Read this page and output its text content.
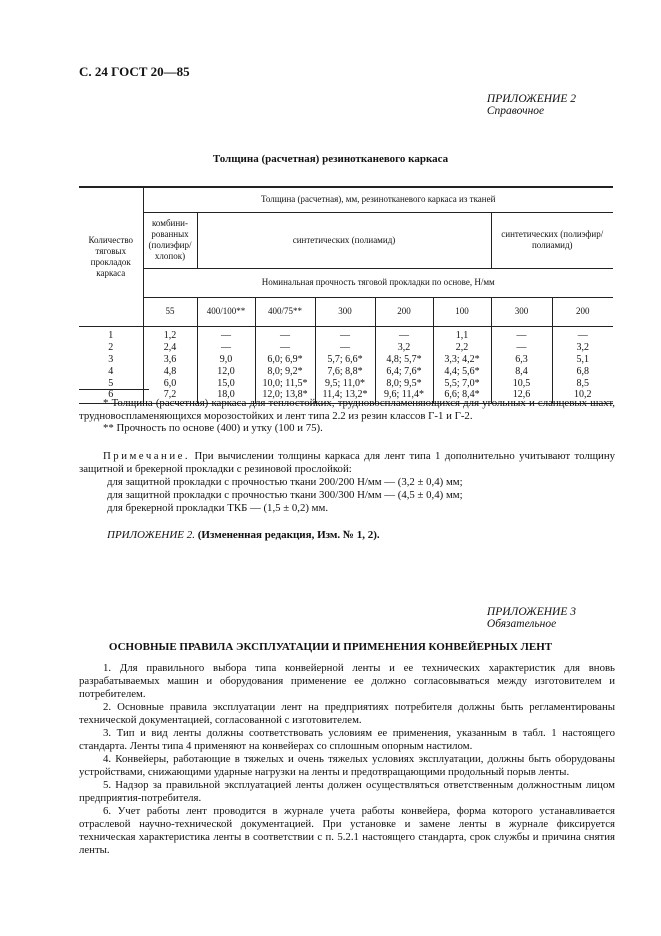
С. 24 ГОСТ 20—85
ПРИЛОЖЕНИЕ 2
Справочное
Толщина (расчетная) резинотканевого каркаса
Количество тяговых прокладок каркаса	Толщина (расчетная), мм, резинотканевого каркаса из тканей							
	комбини-рованных (полиэфир/хлопок)	синтетических (полиамид)					синтетических (полиэфир/полиамид)	
	Номинальная прочность тяговой прокладки по основе, Н/мм							
	55	400/100**	400/75**	300	200	100	300	200
1	1,2	—	—	—	—	1,1	—	—
2	2,4	—	—	—	3,2	2,2	—	3,2
3	3,6	9,0	6,0; 6,9*	5,7; 6,6*	4,8; 5,7*	3,3; 4,2*	6,3	5,1
4	4,8	12,0	8,0; 9,2*	7,6; 8,8*	6,4; 7,6*	4,4; 5,6*	8,4	6,8
5	6,0	15,0	10,0; 11,5*	9,5; 11,0*	8,0; 9,5*	5,5; 7,0*	10,5	8,5
6	7,2	18,0	12,0; 13,8*	11,4; 13,2*	9,6; 11,4*	6,6; 8,4*	12,6	10,2
* Толщина (расчетная) каркаса для теплостойких, трудновоспламеняющихся для угольных и сланцевых шахт, трудновоспламеняющихся морозостойких и лент типа 2.2 из резин классов Г-1 и Г-2.
** Прочность по основе (400) и утку (100 и 75).
Примечание. При вычислении толщины каркаса для лент типа 1 дополнительно учитывают толщину защитной и брекерной прокладки с резиновой прослойкой:
для защитной прокладки с прочностью ткани 200/200 Н/мм — (3,2 ± 0,4) мм;
для защитной прокладки с прочностью ткани 300/300 Н/мм — (4,5 ± 0,4) мм;
для брекерной прокладки ТКБ — (1,5 ± 0,2) мм.
ПРИЛОЖЕНИЕ 2. (Измененная редакция, Изм. № 1, 2).
ПРИЛОЖЕНИЕ 3
Обязательное
ОСНОВНЫЕ ПРАВИЛА ЭКСПЛУАТАЦИИ И ПРИМЕНЕНИЯ КОНВЕЙЕРНЫХ ЛЕНТ

1. Для правильного выбора типа конвейерной ленты и ее технических характеристик для вновь разрабатываемых машин и оборудования применение ее должно согласовываться между изготовителем и потребителем.

2. Основные правила эксплуатации лент на предприятиях потребителя должны быть регламентированы технической документацией, согласованной с изготовителем.

3. Тип и вид ленты должны соответствовать условиям ее применения, указанным в табл. 1 настоящего стандарта. Ленты типа 4 применяют на конвейерах со сплошным опорным настилом.

4. Конвейеры, работающие в тяжелых и очень тяжелых условиях эксплуатации, должны быть оборудованы устройствами, снижающими ударные нагрузки на ленты и предотвращающими продольный порыв ленты.

5. Надзор за правильной эксплуатацией ленты должен осуществляться ответственным должностным лицом предприятия-потребителя.

6. Учет работы лент проводится в журнале учета работы конвейера, форма которого устанавливается отраслевой научно-технической документацией. При установке и замене ленты в журнале фиксируется техническая характеристика ленты в соответствии с п. 5.2.1 настоящего стандарта, срок службы и причина снятия ленты.
